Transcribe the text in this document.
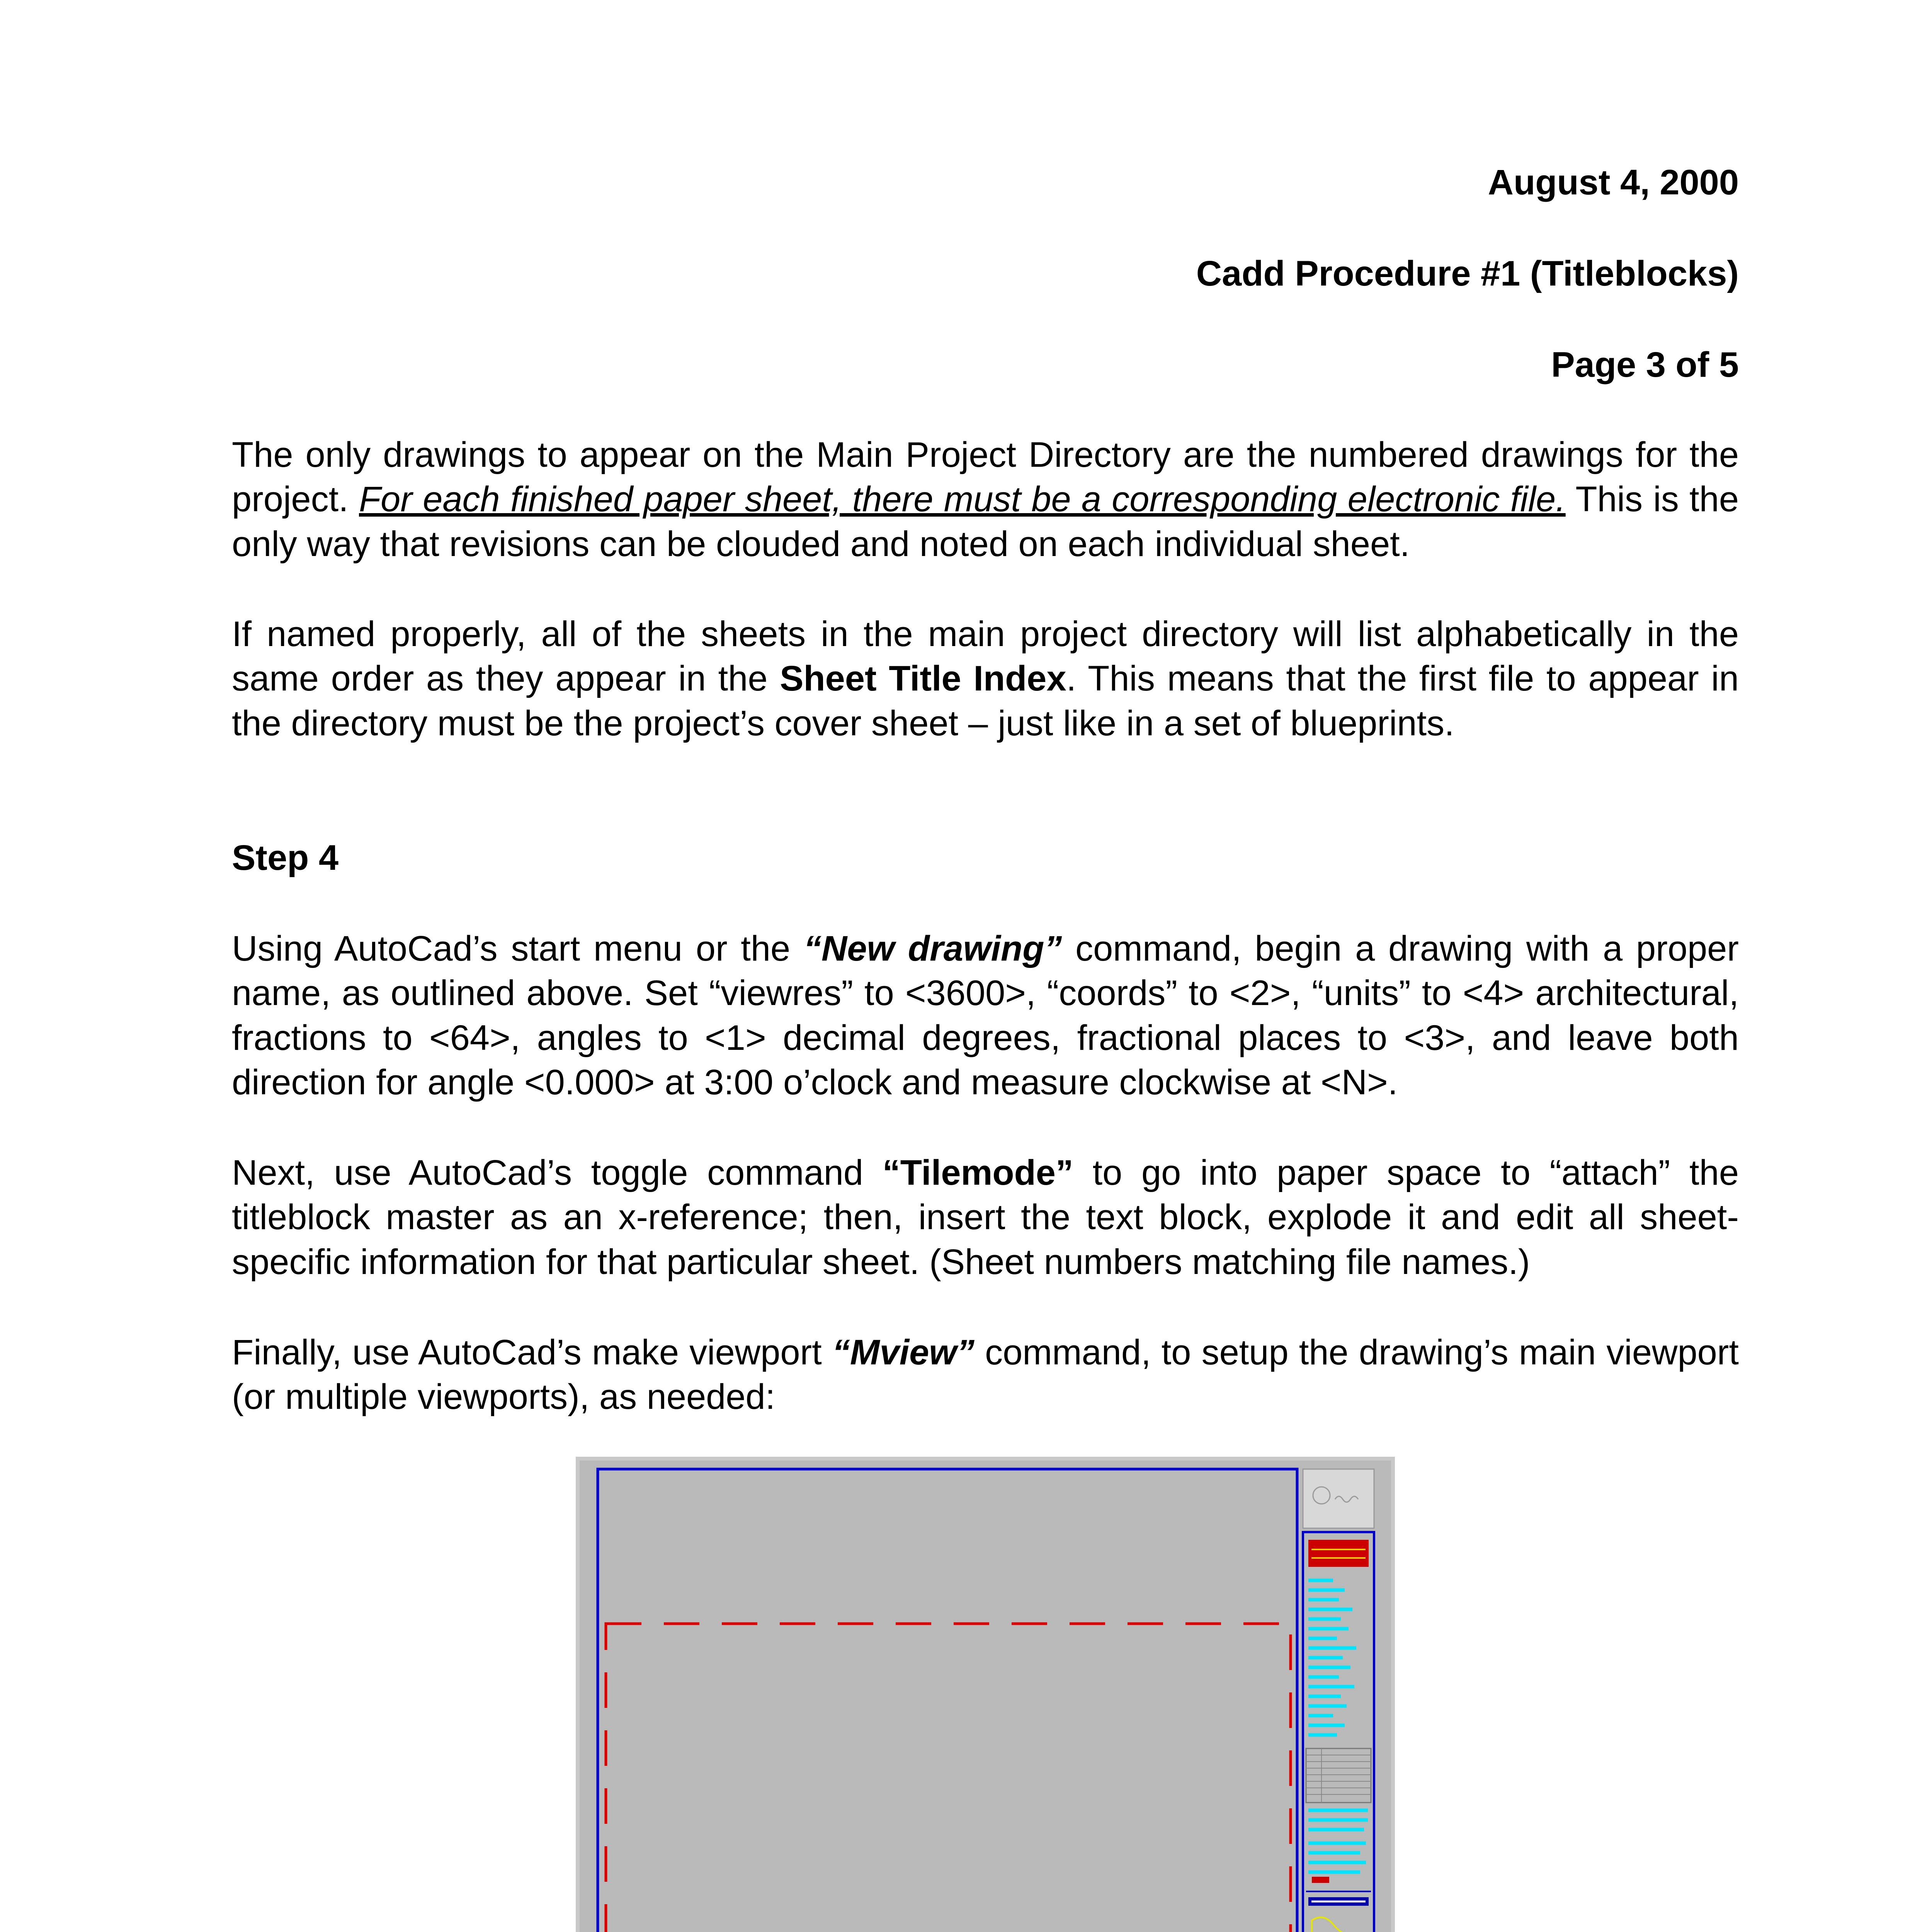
August 4, 2000

Cadd Procedure #1 (Titleblocks)

Page 3 of 5

The only drawings to appear on the Main Project Directory are the numbered drawings for the project. For each finished paper sheet, there must be a corresponding electronic file. This is the only way that revisions can be clouded and noted on each individual sheet.

If named properly, all of the sheets in the main project directory will list alphabetically in the same order as they appear in the Sheet Title Index. This means that the first file to appear in the directory must be the project’s cover sheet – just like in a set of blueprints.

Step 4

Using AutoCad’s start menu or the “New drawing” command, begin a drawing with a proper name, as outlined above. Set “viewres” to <3600>, “coords” to <2>, “units” to <4> architectural, fractions to <64>, angles to <1> decimal degrees, fractional places to <3>, and leave both direction for angle <0.000> at 3:00 o’clock and measure clockwise at <N>.

Next, use AutoCad’s toggle command “Tilemode” to go into paper space to “attach” the titleblock master as an x-reference; then, insert the text block, explode it and edit all sheet-specific information for that particular sheet. (Sheet numbers matching file names.)

Finally, use AutoCad’s make viewport “Mview” command, to setup the drawing’s main viewport (or multiple viewports), as needed:
